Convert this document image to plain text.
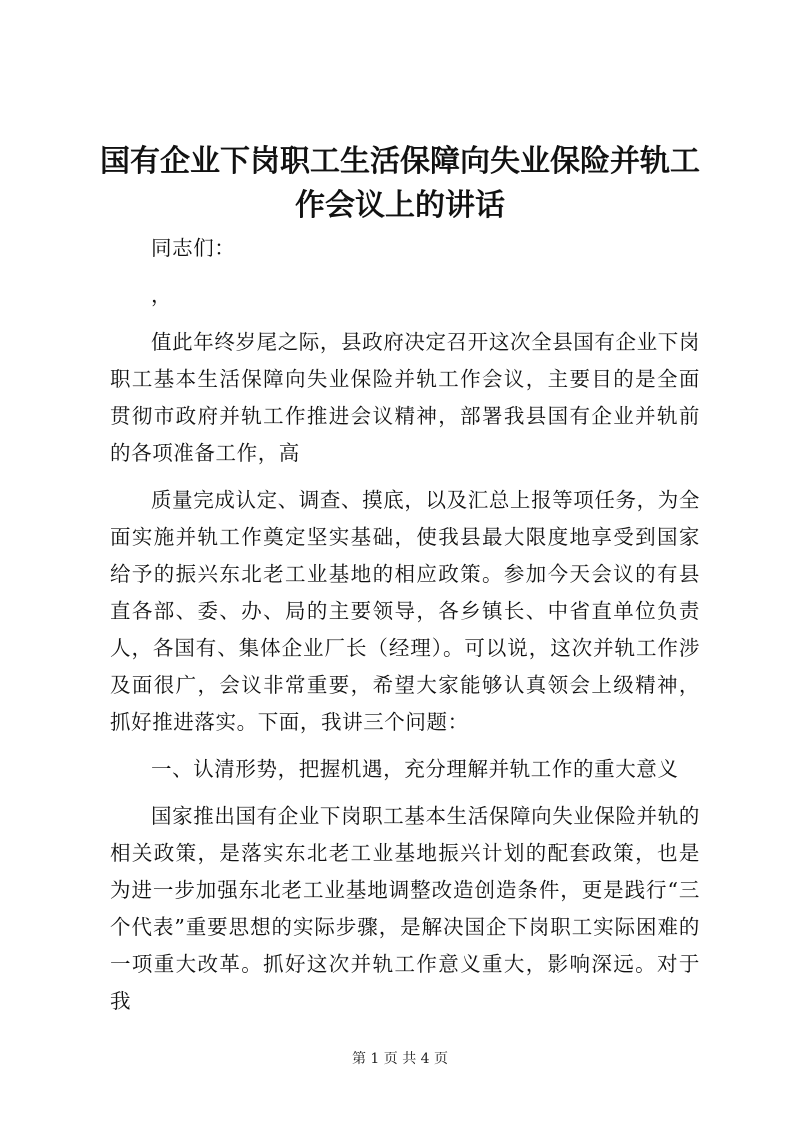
国有企业下岗职工生活保障向失业保险并轨工
作会议上的讲话

同志们：

，

值此年终岁尾之际，县政府决定召开这次全县国有企业下岗职工基本生活保障向失业保险并轨工作会议，主要目的是全面贯彻市政府并轨工作推进会议精神，部署我县国有企业并轨前的各项准备工作，高

质量完成认定、调查、摸底，以及汇总上报等项任务，为全面实施并轨工作奠定坚实基础，使我县最大限度地享受到国家给予的振兴东北老工业基地的相应政策。参加今天会议的有县直各部、委、办、局的主要领导，各乡镇长、中省直单位负责人，各国有、集体企业厂长（经理）。可以说，这次并轨工作涉及面很广，会议非常重要，希望大家能够认真领会上级精神，抓好推进落实。下面，我讲三个问题：

一、认清形势，把握机遇，充分理解并轨工作的重大意义

国家推出国有企业下岗职工基本生活保障向失业保险并轨的相关政策，是落实东北老工业基地振兴计划的配套政策，也是为进一步加强东北老工业基地调整改造创造条件，更是践行“三个代表”重要思想的实际步骤，是解决国企下岗职工实际困难的一项重大改革。抓好这次并轨工作意义重大，影响深远。对于我

第 1 页 共 4 页
